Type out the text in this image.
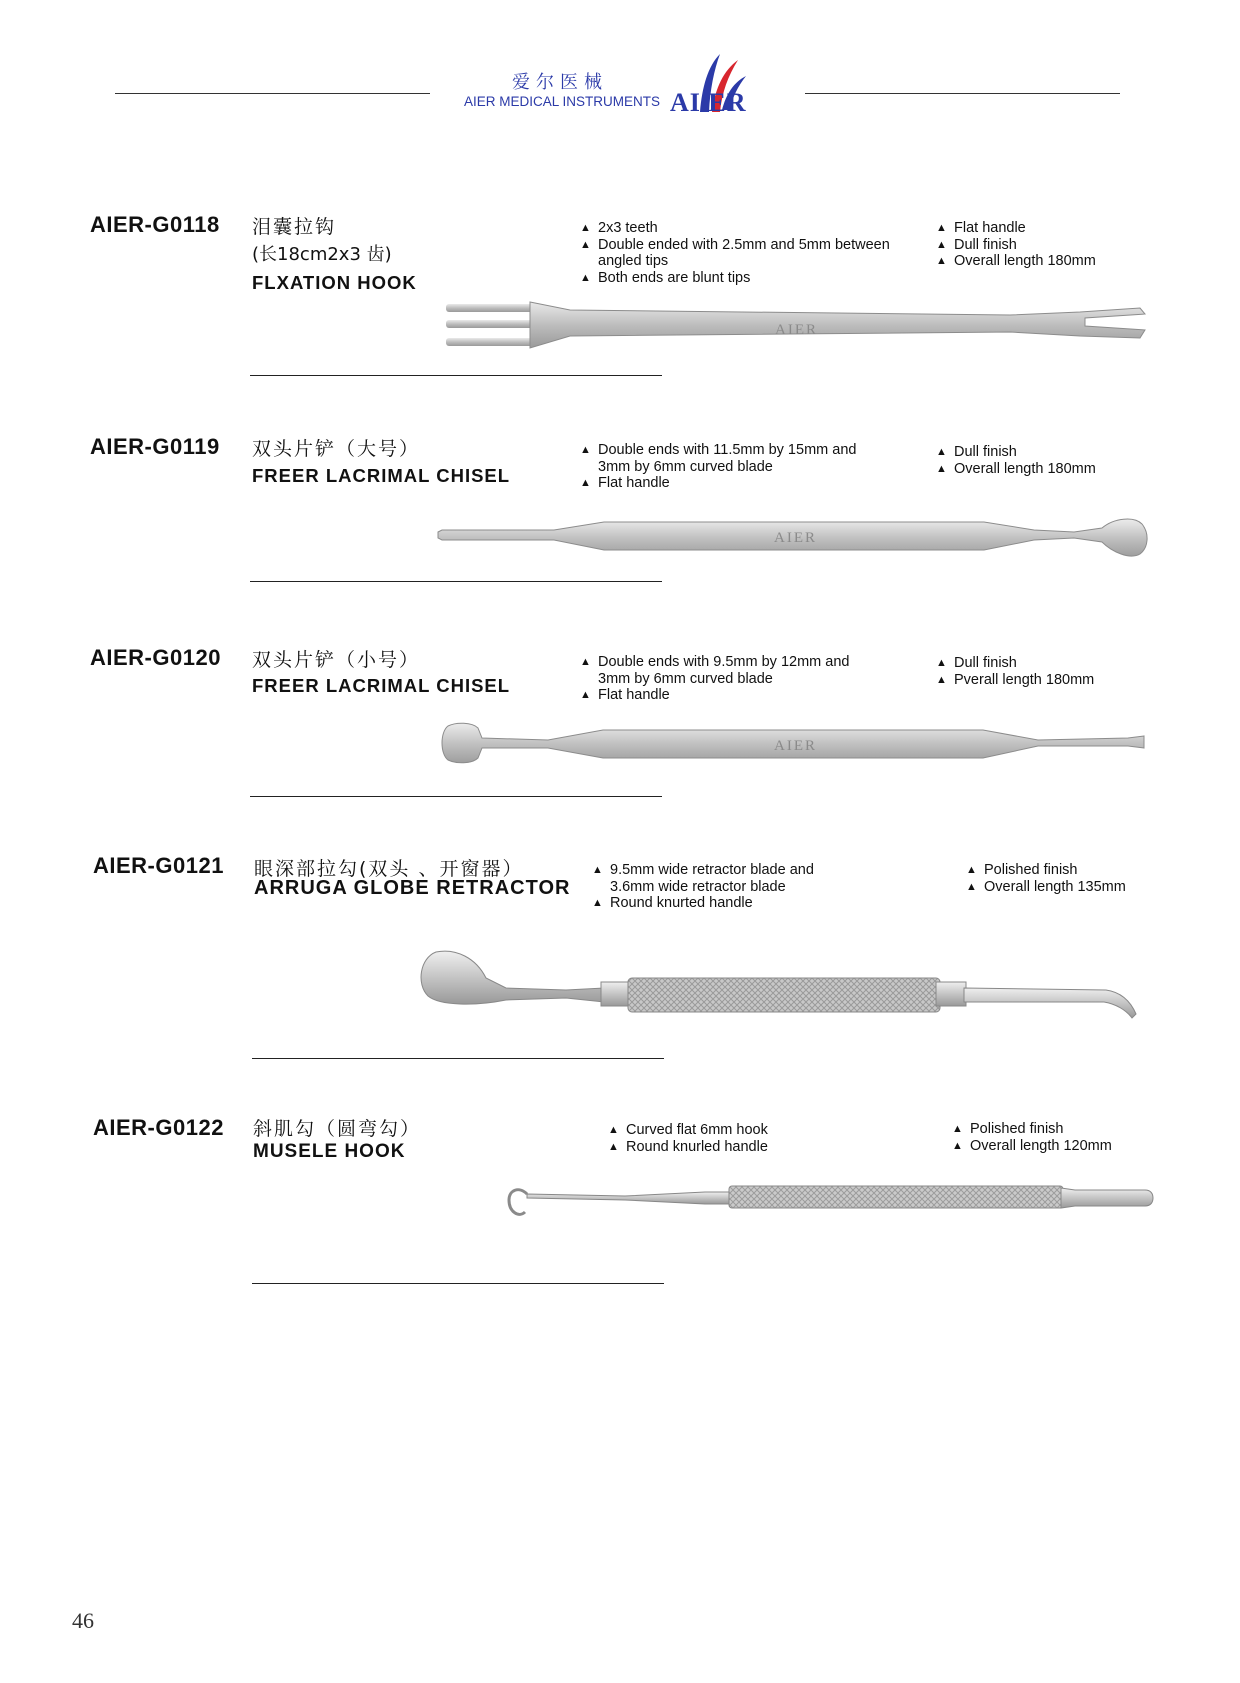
爱尔医械
AIER MEDICAL INSTRUMENTS AI ER
AIER-G0118 泪囊拉钩
(长18cm2x3 齿)
FLXATION HOOK
▲ 2x3 teeth
▲ Double ended with 2.5mm and 5mm between angled tips
▲ Both ends are blunt tips
▲ Flat handle
▲ Dull finish
▲ Overall length 180mm
AIER
AIER-G0119 双头片铲（大号）
FREER LACRIMAL CHISEL
▲ Double ends with 11.5mm by 15mm and 3mm by 6mm curved blade
▲ Flat handle
▲ Dull finish
▲ Overall length 180mm
AIER
AIER-G0120 双头片铲（小号）
FREER LACRIMAL CHISEL
▲ Double ends with 9.5mm by 12mm and 3mm by 6mm curved blade
▲ Flat handle
▲ Dull finish
▲ Pverall length 180mm
AIER
AIER-G0121 眼深部拉勾(双头 、开窗器）
ARRUGA GLOBE RETRACTOR
▲ 9.5mm wide retractor blade and 3.6mm wide retractor blade
▲ Round knurted handle
▲ Polished finish
▲ Overall length 135mm
AIER-G0122 斜肌勾（圆弯勾）
MUSELE HOOK
▲ Curved flat 6mm hook
▲ Round knurled handle
▲ Polished finish
▲ Overall length 120mm
46
